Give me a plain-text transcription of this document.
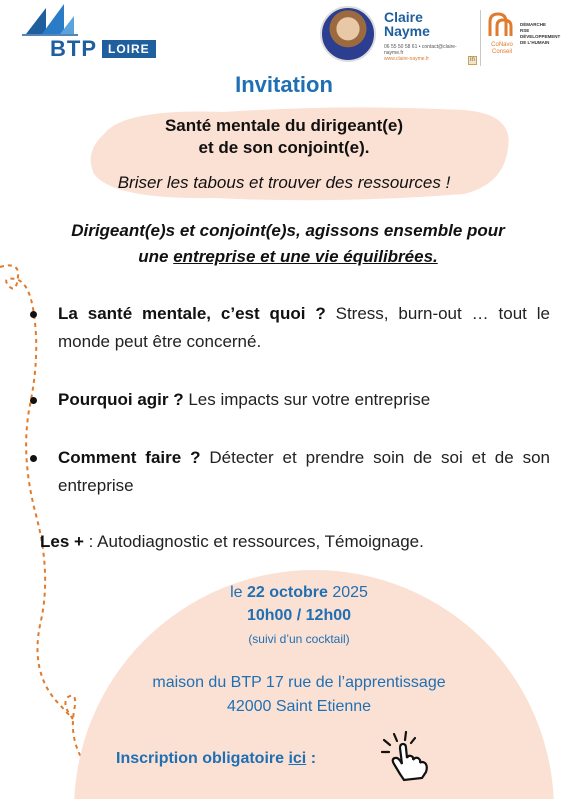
BTP LOIRE
Claire
Nayme
06 55 50 58 61 • contact@claire-nayme.fr
www.claire-nayme.fr	in
CoNavo
Conseil
DÉMARCHE
RSE
DÉVELOPPEMENT
DE L'HUMAIN
Invitation
Santé mentale du dirigeant(e)
et de son conjoint(e).
Briser les tabous et trouver des ressources !
Dirigeant(e)s et conjoint(e)s, agissons ensemble pour
une entreprise et une vie équilibrées.
La santé mentale, c’est quoi ? Stress, burn-out … tout le monde peut être concerné.
Pourquoi agir ? Les impacts sur votre entreprise
Comment faire ? Détecter et prendre soin de soi et de son entreprise
Les + : Autodiagnostic et ressources, Témoignage.
le 22 octobre 2025
10h00 / 12h00
(suivi d’un cocktail)
maison du BTP 17 rue de l’apprentissage
42000 Saint Etienne
Inscription obligatoire ici :
